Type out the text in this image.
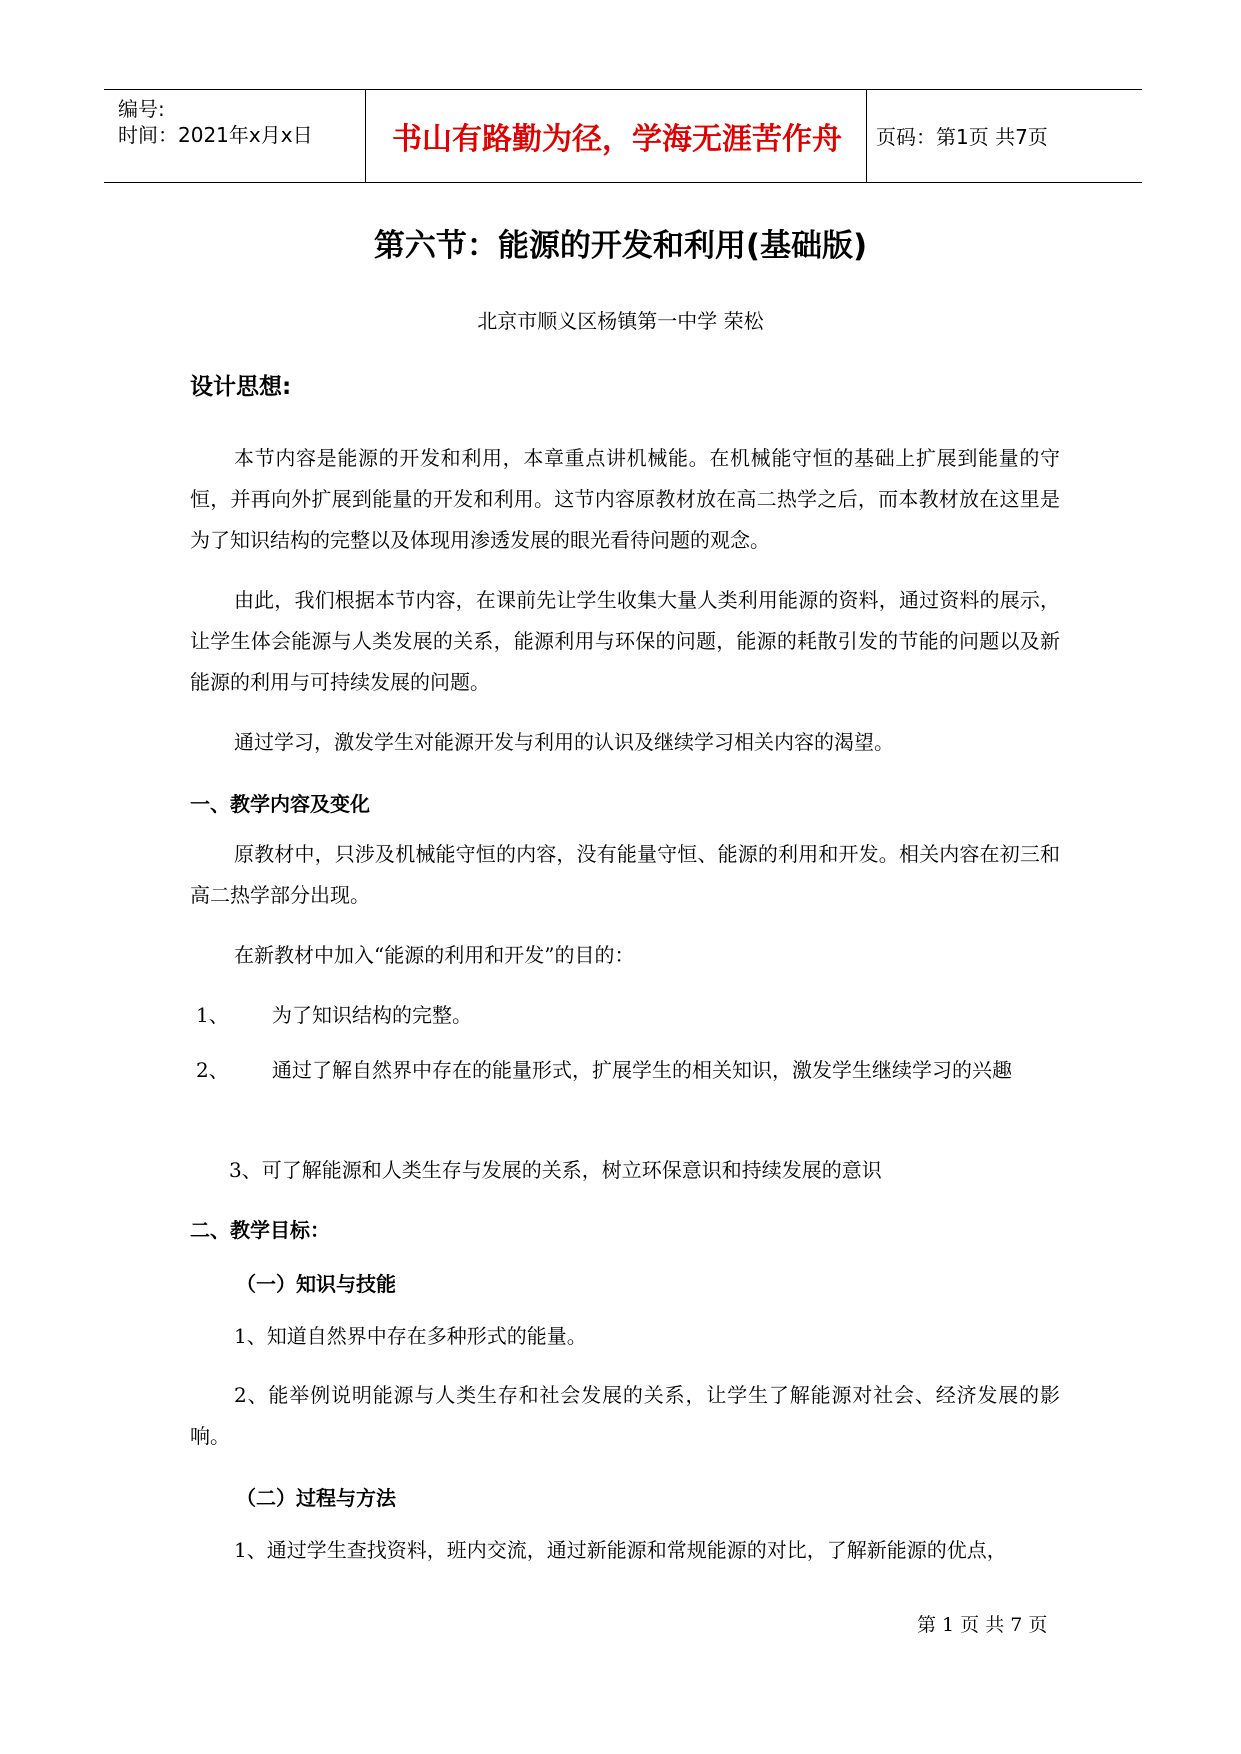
编号:
时间：2021年x月x日	书山有路勤为径，学海无涯苦作舟	页码：第1页 共7页
第六节：能源的开发和利用(基础版)
北京市顺义区杨镇第一中学 荣松
设计思想:
本节内容是能源的开发和利用，本章重点讲机械能。在机械能守恒的基础上扩展到能量的守恒，并再向外扩展到能量的开发和利用。这节内容原教材放在高二热学之后，而本教材放在这里是为了知识结构的完整以及体现用渗透发展的眼光看待问题的观念。
由此，我们根据本节内容，在课前先让学生收集大量人类利用能源的资料，通过资料的展示，让学生体会能源与人类发展的关系，能源利用与环保的问题，能源的耗散引发的节能的问题以及新能源的利用与可持续发展的问题。
通过学习，激发学生对能源开发与利用的认识及继续学习相关内容的渴望。
一、教学内容及变化
原教材中，只涉及机械能守恒的内容，没有能量守恒、能源的利用和开发。相关内容在初三和高二热学部分出现。
在新教材中加入“能源的利用和开发”的目的：
1、 为了知识结构的完整。
2、 通过了解自然界中存在的能量形式，扩展学生的相关知识，激发学生继续学习的兴趣
3、可了解能源和人类生存与发展的关系，树立环保意识和持续发展的意识
二、教学目标：
（一）知识与技能
1、知道自然界中存在多种形式的能量。
2、能举例说明能源与人类生存和社会发展的关系，让学生了解能源对社会、经济发展的影响。
（二）过程与方法
1、通过学生查找资料，班内交流，通过新能源和常规能源的对比，了解新能源的优点，
第 1 页 共 7 页
